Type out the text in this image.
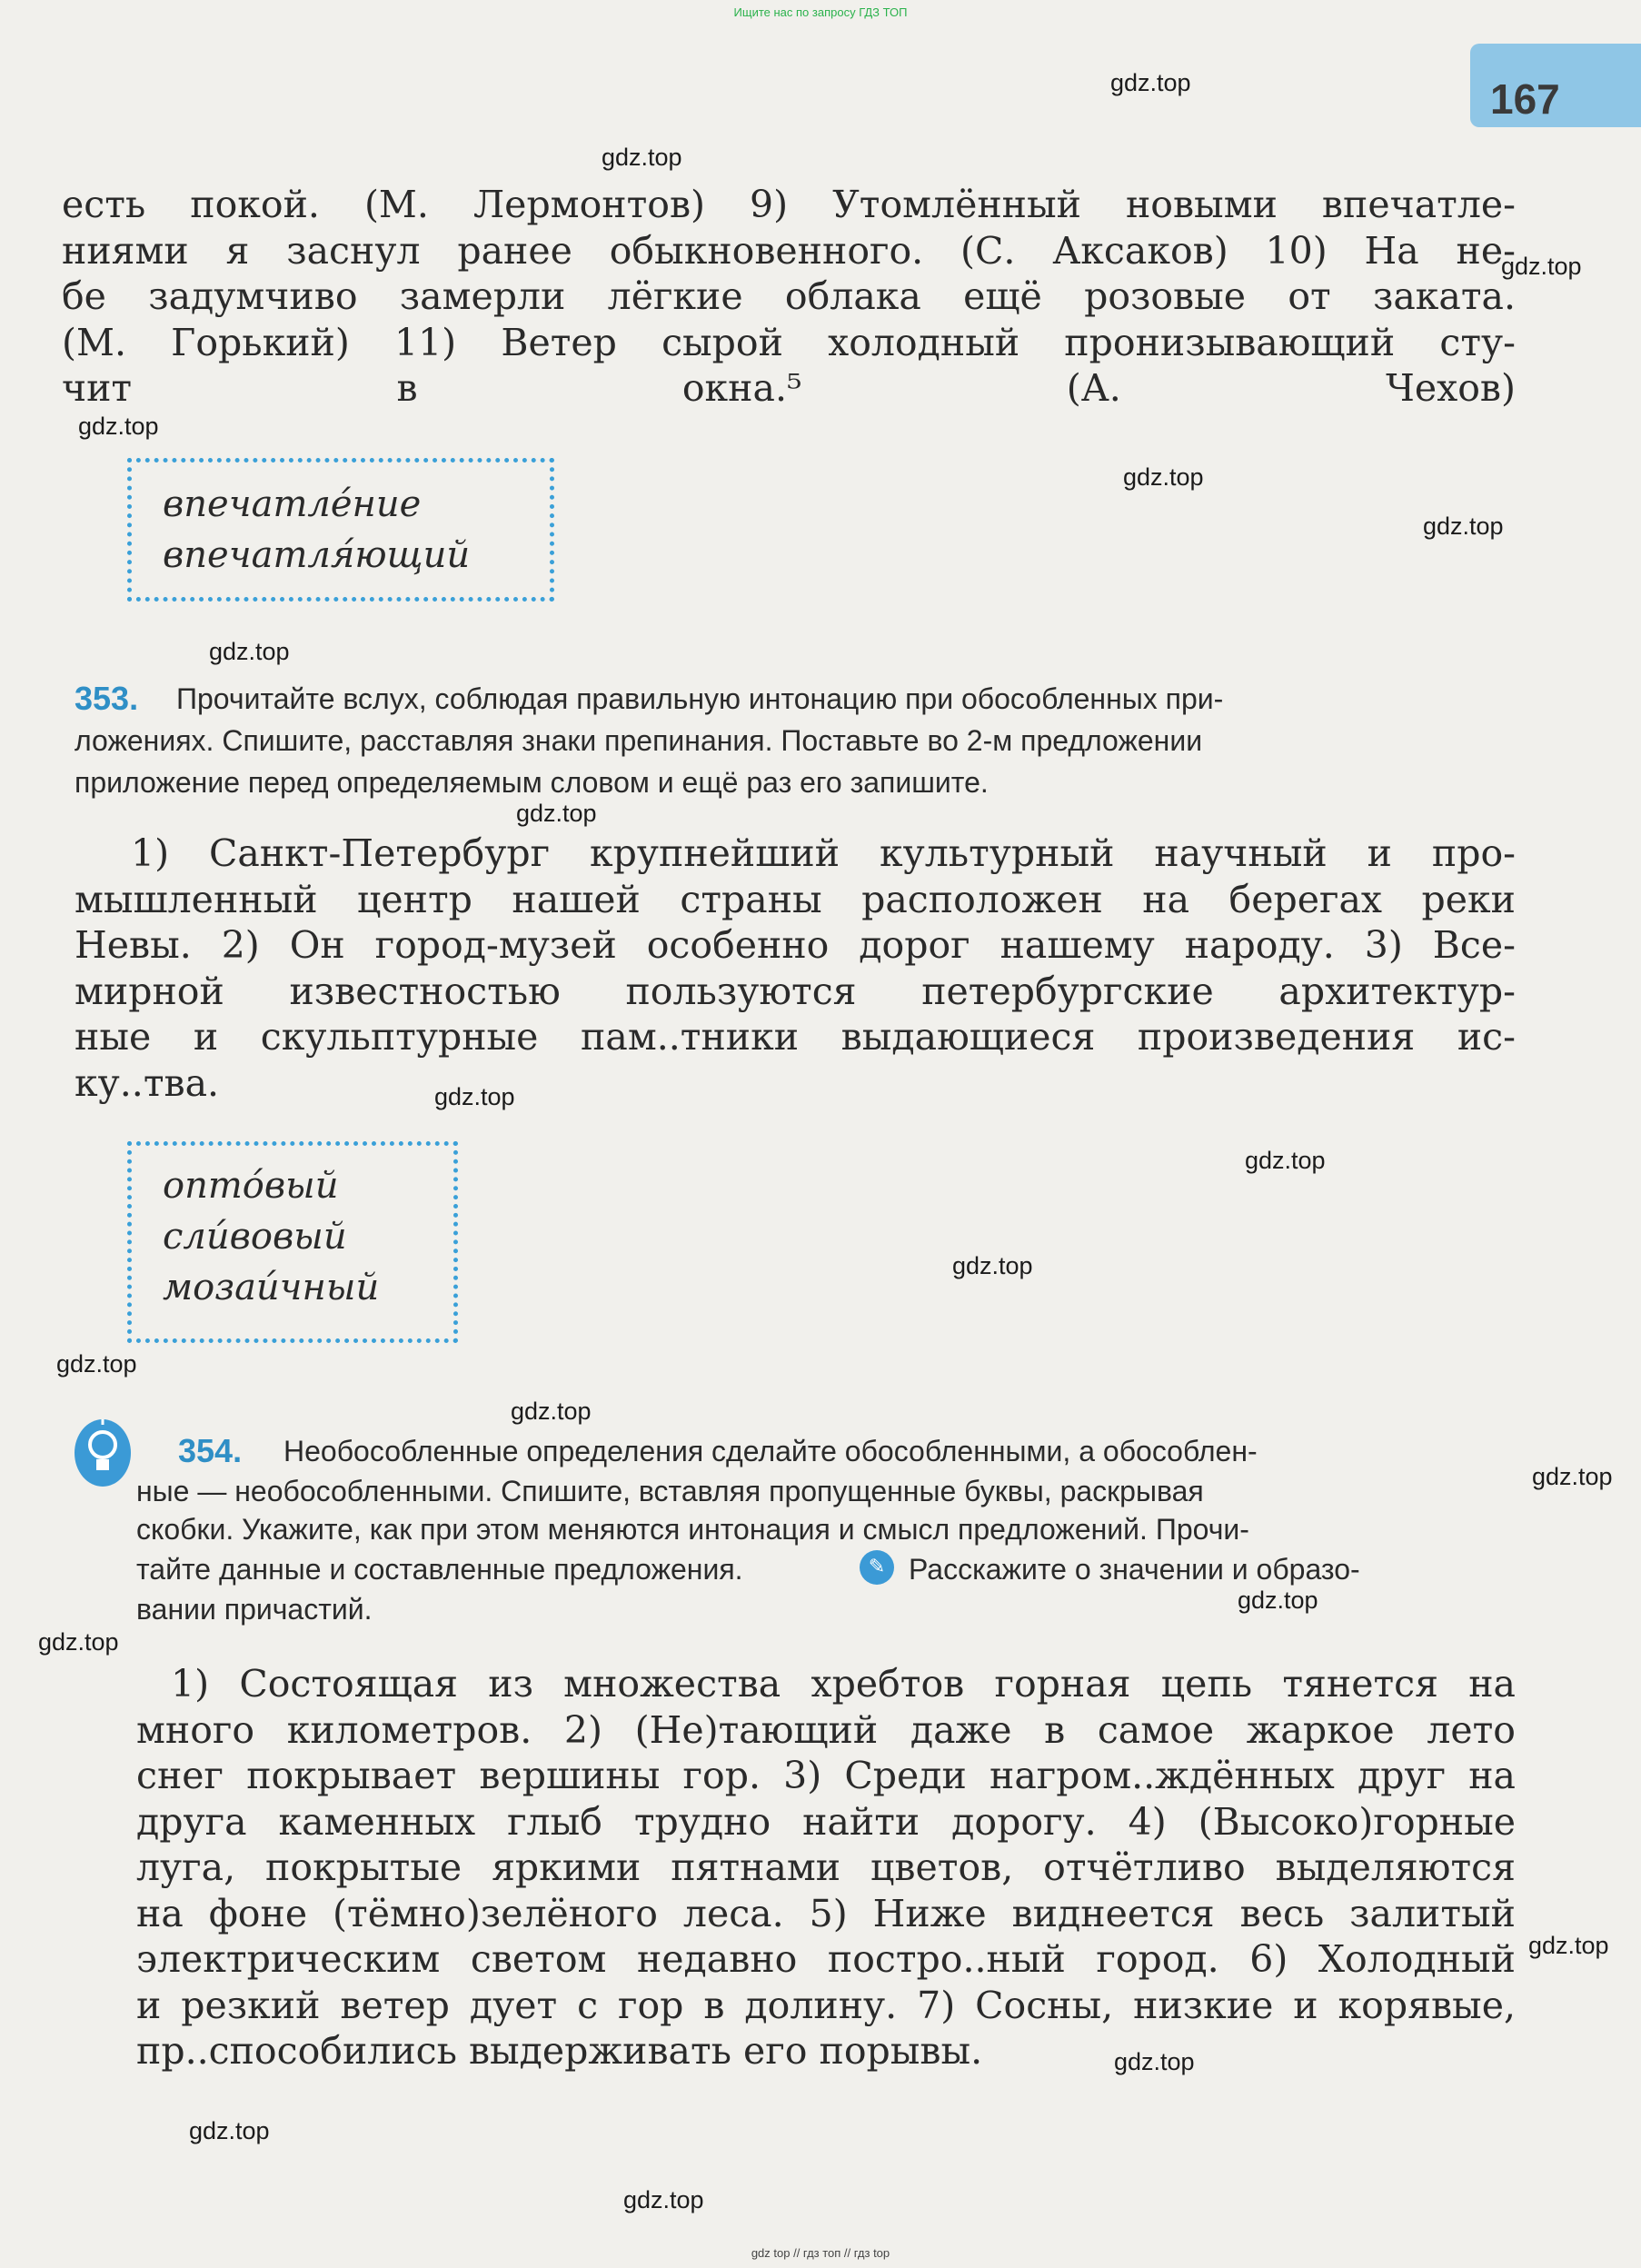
Ищите нас по запросу ГДЗ ТОП
167
gdz.top
gdz.top
gdz.top
gdz.top
gdz.top
gdz.top
gdz.top
gdz.top
gdz.top
gdz.top
gdz.top
gdz.top
gdz.top
gdz.top
gdz.top
gdz.top
gdz.top
gdz.top
gdz.top
gdz.top
есть покой. (М. Лермонтов) 9) Утомлённый новыми впечатле-
ниями я заснул ранее обыкновенного. (С. Аксаков) 10) На не-
бе задумчиво замерли лёгкие облака ещё розовые от заката.
(М. Горький) 11) Ветер сырой холодный пронизывающий сту-
чит в окна.⁵ (А. Чехов)
впечатле́ние
впечатля́ющий
353. Прочитайте вслух, соблюдая правильную интонацию при обособленных при-
ложениях. Спишите, расставляя знаки препинания. Поставьте во 2-м предложении
приложение перед определяемым словом и ещё раз его запишите.
1) Санкт-Петербург крупнейший культурный научный и про-
мышленный центр нашей страны расположен на берегах реки
Невы. 2) Он город-музей особенно дорог нашему народу. 3) Все-
мирной известностью пользуются петербургские архитектур-
ные и скульптурные пам..тники выдающиеся произведения ис-
ку..тва.
опто́вый
сли́вовый
мозаи́чный
354. Необособленные определения сделайте обособленными, а обособлен-
ные — необособленными. Спишите, вставляя пропущенные буквы, раскрывая
скобки. Укажите, как при этом меняются интонация и смысл предложений. Прочи-
тайте данные и составленные предложения.	✎ Расскажите о значении и образо-
вании причастий.
1) Состоящая из множества хребтов горная цепь тянется на
много километров. 2) (Не)тающий даже в самое жаркое лето
снег покрывает вершины гор. 3) Среди нагром..ждённых друг на
друга каменных глыб трудно найти дорогу. 4) (Высоко)горные
луга, покрытые яркими пятнами цветов, отчётливо выделяются
на фоне (тёмно)зелёного леса. 5) Ниже виднеется весь залитый
электрическим светом недавно постро..ный город. 6) Холодный
и резкий ветер дует с гор в долину. 7) Сосны, низкие и корявые,
пр..способились выдерживать его порывы.
gdz top // гдз топ // гдз top
